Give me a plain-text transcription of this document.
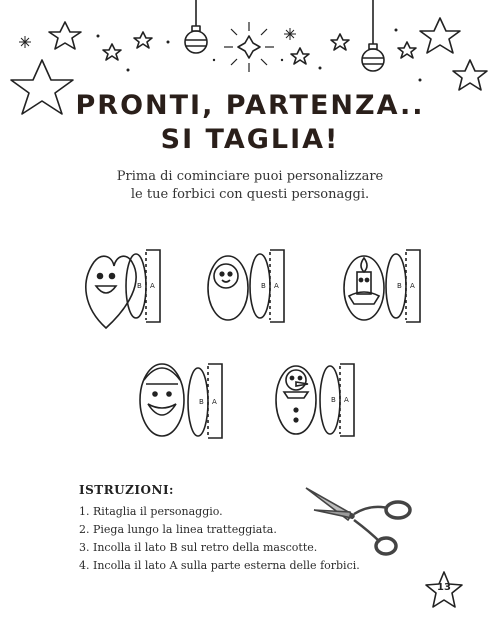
PRONTI, PARTENZA..
SI TAGLIA!
Prima di cominciare puoi personalizzare
le tue forbici con questi personaggi.
B A	B A	B A
B A	B A
ISTRUZIONI:
1. Ritaglia il personaggio.
2. Piega lungo la linea tratteggiata.
3. Incolla il lato B sul retro della mascotte.
4. Incolla il lato A sulla parte esterna delle forbici.
13
